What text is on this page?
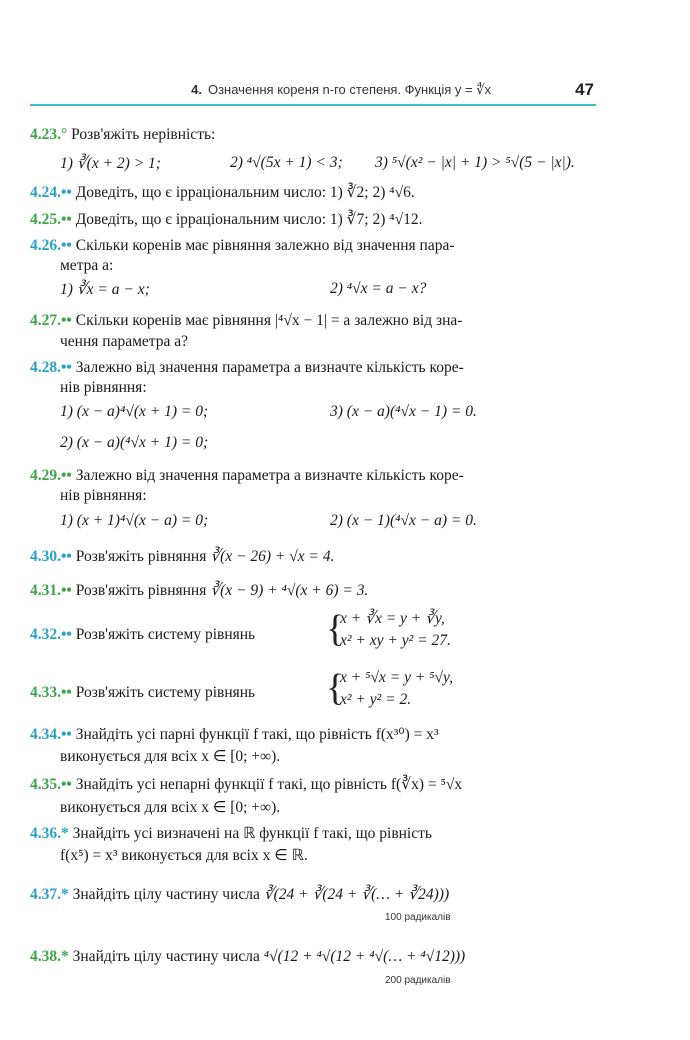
4. Означення кореня n-го степеня. Функція y = ∜x	47
4.23.° Розв'яжіть нерівність:
1) ∛(x + 2) > 1;	2) ⁴√(5x + 1) < 3; 3) ⁵√(x² − |x| + 1) > ⁵√(5 − |x|).
4.24.•• Доведіть, що є ірраціональним число: 1) ∛2; 2) ⁴√6.
4.25.•• Доведіть, що є ірраціональним число: 1) ∛7; 2) ⁴√12.
4.26.•• Скільки коренів має рівняння залежно від значення пара-
метра a:
1) ∛x = a − x;	2) ⁴√x = a − x?
4.27.•• Скільки коренів має рівняння |⁴√x − 1| = a залежно від зна-
чення параметра a?
4.28.•• Залежно від значення параметра a визначте кількість коре-
нів рівняння:
1) (x − a)⁴√(x + 1) = 0;	3) (x − a)(⁴√x − 1) = 0.
2) (x − a)(⁴√x + 1) = 0;
4.29.•• Залежно від значення параметра a визначте кількість коре-
нів рівняння:
1) (x + 1)⁴√(x − a) = 0;	2) (x − 1)(⁴√x − a) = 0.
4.30.•• Розв'яжіть рівняння ∛(x − 26) + √x = 4.
4.31.•• Розв'яжіть рівняння ∛(x − 9) + ⁴√(x + 6) = 3.
4.32.•• Розв'яжіть систему рівнянь	{
x + ∛x = y + ∛y,
x² + xy + y² = 27.
4.33.•• Розв'яжіть систему рівнянь	{
x + ⁵√x = y + ⁵√y,
x² + y² = 2.
4.34.•• Знайдіть усі парні функції f такі, що рівність f(x³⁰) = x³
виконується для всіх x ∈ [0; +∞).
4.35.•• Знайдіть усі непарні функції f такі, що рівність f(∛x) = ⁵√x
виконується для всіх x ∈ [0; +∞).
4.36.* Знайдіть усі визначені на ℝ функції f такі, що рівність
f(x⁵) = x³ виконується для всіх x ∈ ℝ.
4.37.* Знайдіть цілу частину числа ∛(24 + ∛(24 + ∛(… + ∛24)))
100 радикалів
4.38.* Знайдіть цілу частину числа ⁴√(12 + ⁴√(12 + ⁴√(… + ⁴√12)))
200 радикалів
